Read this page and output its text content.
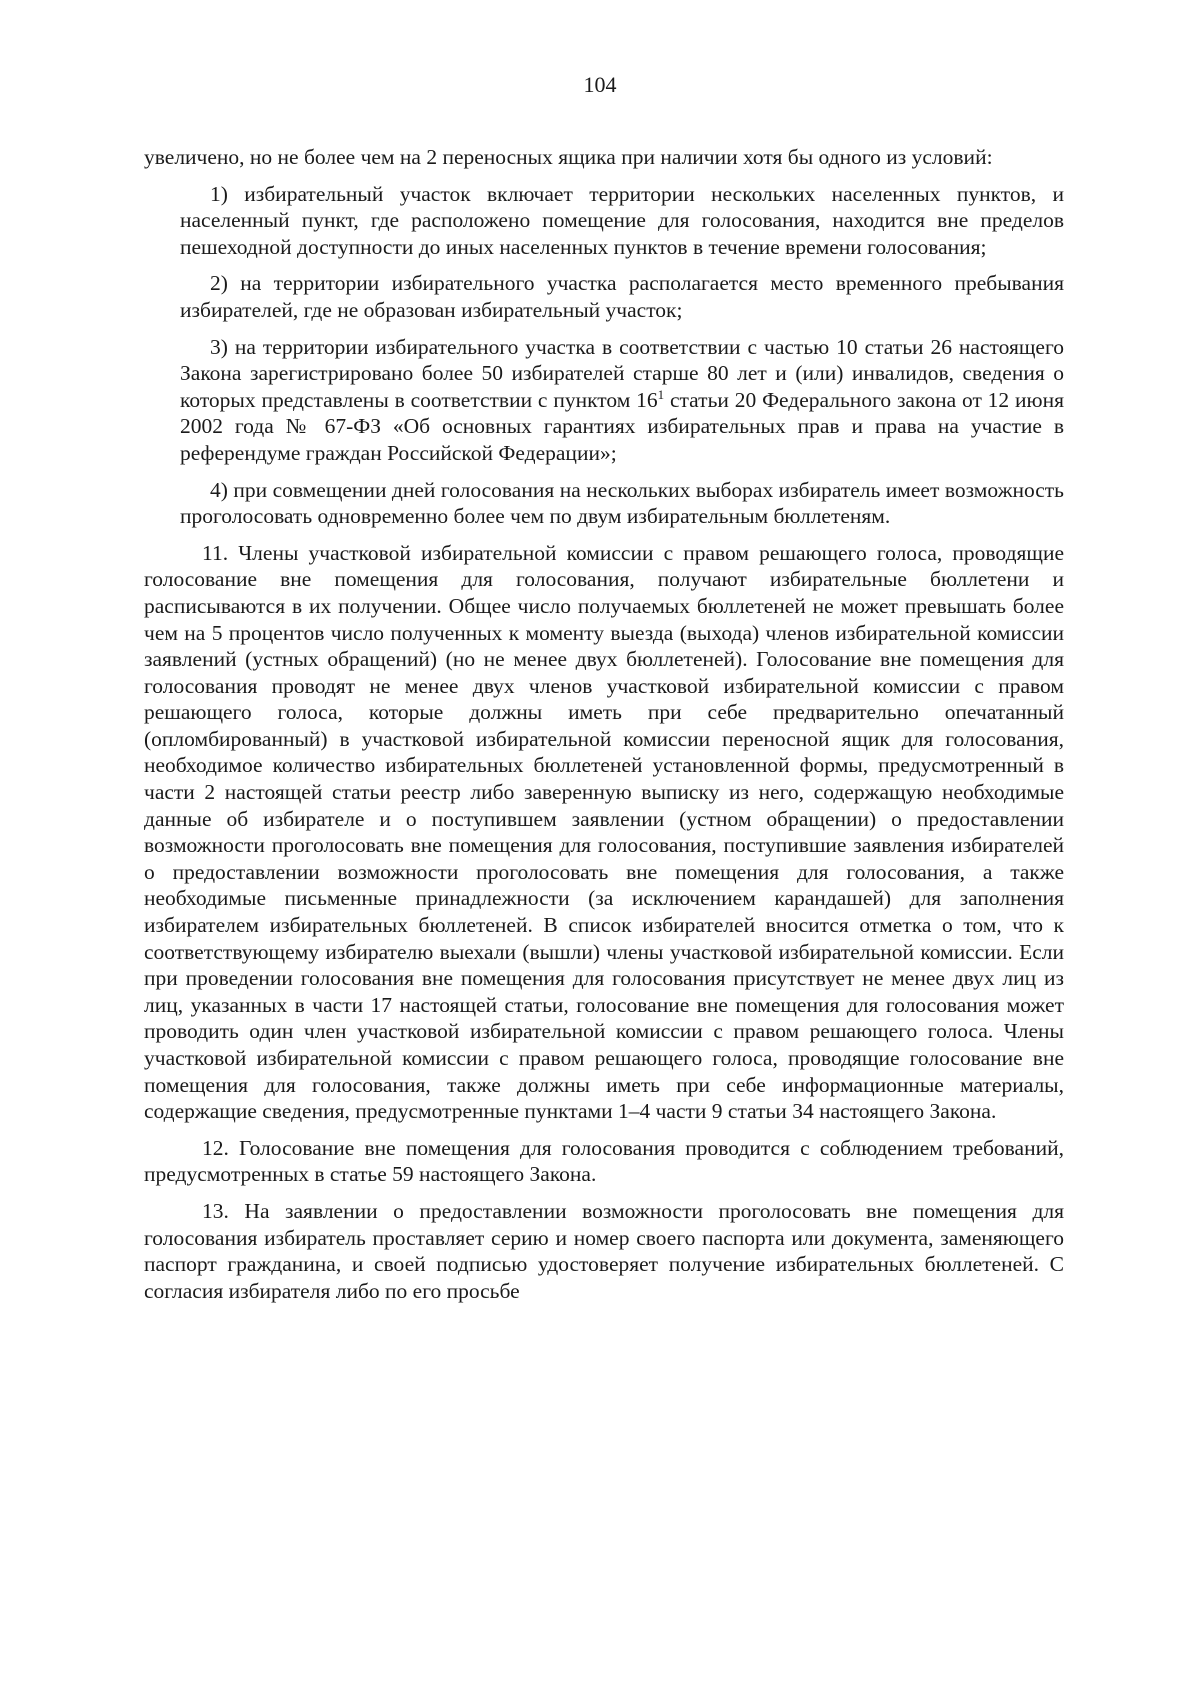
104

увеличено, но не более чем на 2 переносных ящика при наличии хотя бы одного из условий:

1) избирательный участок включает территории нескольких населенных пунктов, и населенный пункт, где расположено помещение для голосования, находится вне пределов пешеходной доступности до иных населенных пунктов в течение времени голосования;

2) на территории избирательного участка располагается место временного пребывания избирателей, где не образован избирательный участок;

3) на территории избирательного участка в соответствии с частью 10 статьи 26 настоящего Закона зарегистрировано более 50 избирателей старше 80 лет и (или) инвалидов, сведения о которых представлены в соответствии с пунктом $16^1$ статьи 20 Федерального закона от 12 июня 2002 года № 67-ФЗ «Об основных гарантиях избирательных прав и права на участие в референдуме граждан Российской Федерации»;

4) при совмещении дней голосования на нескольких выборах избиратель имеет возможность проголосовать одновременно более чем по двум избирательным бюллетеням.

11. Члены участковой избирательной комиссии с правом решающего голоса, проводящие голосование вне помещения для голосования, получают избирательные бюллетени и расписываются в их получении. Общее число получаемых бюллетеней не может превышать более чем на 5 процентов число полученных к моменту выезда (выхода) членов избирательной комиссии заявлений (устных обращений) (но не менее двух бюллетеней). Голосование вне помещения для голосования проводят не менее двух членов участковой избирательной комиссии с правом решающего голоса, которые должны иметь при себе предварительно опечатанный (опломбированный) в участковой избирательной комиссии переносной ящик для голосования, необходимое количество избирательных бюллетеней установленной формы, предусмотренный в части 2 настоящей статьи реестр либо заверенную выписку из него, содержащую необходимые данные об избирателе и о поступившем заявлении (устном обращении) о предоставлении возможности проголосовать вне помещения для голосования, поступившие заявления избирателей о предоставлении возможности проголосовать вне помещения для голосования, а также необходимые письменные принадлежности (за исключением карандашей) для заполнения избирателем избирательных бюллетеней. В список избирателей вносится отметка о том, что к соответствующему избирателю выехали (вышли) члены участковой избирательной комиссии. Если при проведении голосования вне помещения для голосования присутствует не менее двух лиц из лиц, указанных в части 17 настоящей статьи, голосование вне помещения для голосования может проводить один член участковой избирательной комиссии с правом решающего голоса. Члены участковой избирательной комиссии с правом решающего голоса, проводящие голосование вне помещения для голосования, также должны иметь при себе информационные материалы, содержащие сведения, предусмотренные пунктами 1–4 части 9 статьи 34 настоящего Закона.

12. Голосование вне помещения для голосования проводится с соблюдением требований, предусмотренных в статье 59 настоящего Закона.

13. На заявлении о предоставлении возможности проголосовать вне помещения для голосования избиратель проставляет серию и номер своего паспорта или документа, заменяющего паспорт гражданина, и своей подписью удостоверяет получение избирательных бюллетеней. С согласия избирателя либо по его просьбе
